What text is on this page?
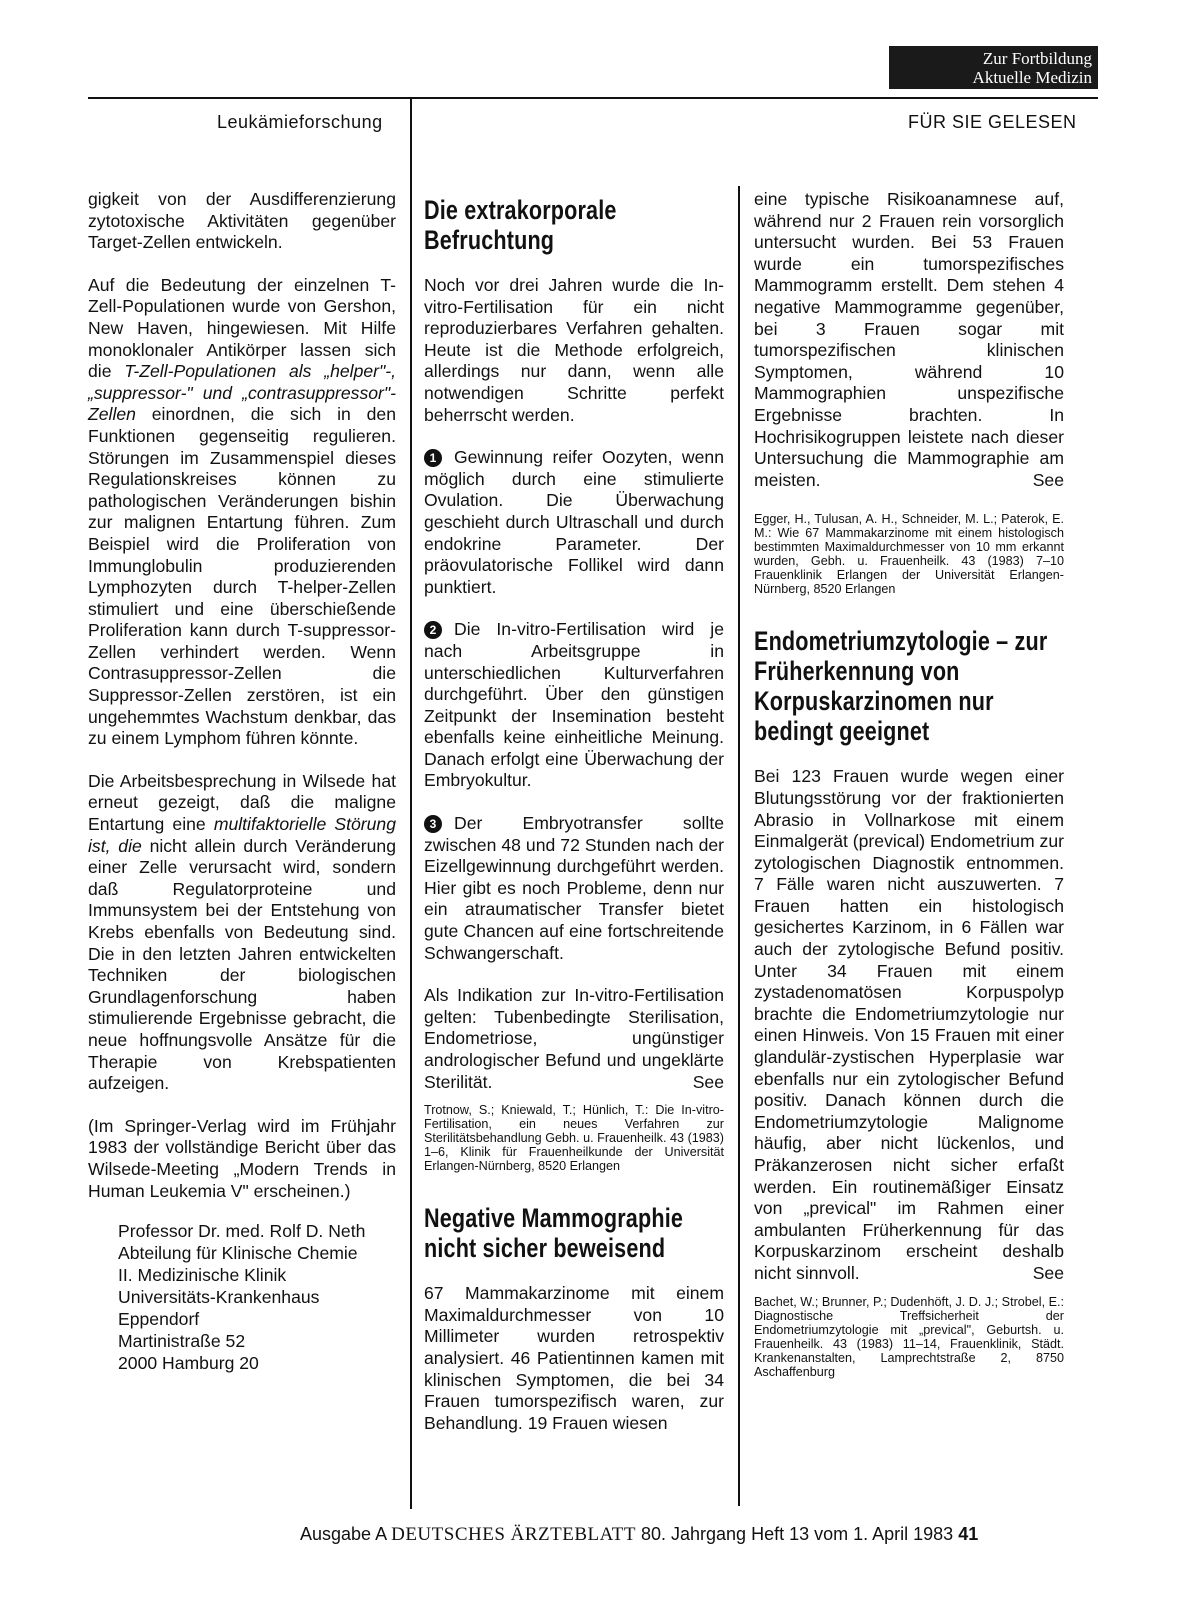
Zur Fortbildung
Aktuelle Medizin
Leukämieforschung	FÜR SIE GELESEN

gigkeit von der Ausdifferenzierung zytotoxische Aktivitäten gegenüber Target-Zellen entwickeln.

Auf die Bedeutung der einzelnen T-Zell-Populationen wurde von Gershon, New Haven, hingewiesen. Mit Hilfe monoklonaler Antikörper lassen sich die T-Zell-Populationen als „helper"-, „suppressor-" und „contrasuppressor"-Zellen einordnen, die sich in den Funktionen gegenseitig regulieren. Störungen im Zusammenspiel dieses Regulationskreises können zu pathologischen Veränderungen bishin zur malignen Entartung führen. Zum Beispiel wird die Proliferation von Immunglobulin produzierenden Lymphozyten durch T-helper-Zellen stimuliert und eine überschießende Proliferation kann durch T-suppressor-Zellen verhindert werden. Wenn Contrasuppressor-Zellen die Suppressor-Zellen zerstören, ist ein ungehemmtes Wachstum denkbar, das zu einem Lymphom führen könnte.

Die Arbeitsbesprechung in Wilsede hat erneut gezeigt, daß die maligne Entartung eine multifaktorielle Störung ist, die nicht allein durch Veränderung einer Zelle verursacht wird, sondern daß Regulatorproteine und Immunsystem bei der Entstehung von Krebs ebenfalls von Bedeutung sind. Die in den letzten Jahren entwickelten Techniken der biologischen Grundlagenforschung haben stimulierende Ergebnisse gebracht, die neue hoffnungsvolle Ansätze für die Therapie von Krebspatienten aufzeigen.

(Im Springer-Verlag wird im Frühjahr 1983 der vollständige Bericht über das Wilsede-Meeting „Modern Trends in Human Leukemia V" erscheinen.)

Professor Dr. med. Rolf D. Neth
Abteilung für Klinische Chemie
II. Medizinische Klinik
Universitäts-Krankenhaus
Eppendorf
Martinistraße 52
2000 Hamburg 20
Die extrakorporale Befruchtung

Noch vor drei Jahren wurde die In-vitro-Fertilisation für ein nicht reproduzierbares Verfahren gehalten. Heute ist die Methode erfolgreich, allerdings nur dann, wenn alle notwendigen Schritte perfekt beherrscht werden.

1 Gewinnung reifer Oozyten, wenn möglich durch eine stimulierte Ovulation. Die Überwachung geschieht durch Ultraschall und durch endokrine Parameter. Der präovulatorische Follikel wird dann punktiert.

2 Die In-vitro-Fertilisation wird je nach Arbeitsgruppe in unterschiedlichen Kulturverfahren durchgeführt. Über den günstigen Zeitpunkt der Insemination besteht ebenfalls keine einheitliche Meinung. Danach erfolgt eine Überwachung der Embryokultur.

3 Der Embryotransfer sollte zwischen 48 und 72 Stunden nach der Eizellgewinnung durchgeführt werden. Hier gibt es noch Probleme, denn nur ein atraumatischer Transfer bietet gute Chancen auf eine fortschreitende Schwangerschaft.

Als Indikation zur In-vitro-Fertilisation gelten: Tubenbedingte Sterilisation, Endometriose, ungünstiger andrologischer Befund und ungeklärte Sterilität.	See

Trotnow, S.; Kniewald, T.; Hünlich, T.: Die In-vitro-Fertilisation, ein neues Verfahren zur Sterilitätsbehandlung Gebh. u. Frauenheilk. 43 (1983) 1–6, Klinik für Frauenheilkunde der Universität Erlangen-Nürnberg, 8520 Erlangen
Negative Mammographie nicht sicher beweisend

67 Mammakarzinome mit einem Maximaldurchmesser von 10 Millimeter wurden retrospektiv analysiert. 46 Patientinnen kamen mit klinischen Symptomen, die bei 34 Frauen tumorspezifisch waren, zur Behandlung. 19 Frauen wiesen

eine typische Risikoanamnese auf, während nur 2 Frauen rein vorsorglich untersucht wurden. Bei 53 Frauen wurde ein tumorspezifisches Mammogramm erstellt. Dem stehen 4 negative Mammogramme gegenüber, bei 3 Frauen sogar mit tumorspezifischen klinischen Symptomen, während 10 Mammographien unspezifische Ergebnisse brachten. In Hochrisikogruppen leistete nach dieser Untersuchung die Mammographie am meisten.	See

Egger, H., Tulusan, A. H., Schneider, M. L.; Paterok, E. M.: Wie 67 Mammakarzinome mit einem histologisch bestimmten Maximaldurchmesser von 10 mm erkannt wurden, Gebh. u. Frauenheilk. 43 (1983) 7–10 Frauenklinik Erlangen der Universität Erlangen-Nürnberg, 8520 Erlangen
Endometriumzytologie – zur Früherkennung von Korpuskarzinomen nur bedingt geeignet

Bei 123 Frauen wurde wegen einer Blutungsstörung vor der fraktionierten Abrasio in Vollnarkose mit einem Einmalgerät (prevical) Endometrium zur zytologischen Diagnostik entnommen. 7 Fälle waren nicht auszuwerten. 7 Frauen hatten ein histologisch gesichertes Karzinom, in 6 Fällen war auch der zytologische Befund positiv. Unter 34 Frauen mit einem zystadenomatösen Korpuspolyp brachte die Endometriumzytologie nur einen Hinweis. Von 15 Frauen mit einer glandulär-zystischen Hyperplasie war ebenfalls nur ein zytologischer Befund positiv. Danach können durch die Endometriumzytologie Malignome häufig, aber nicht lückenlos, und Präkanzerosen nicht sicher erfaßt werden. Ein routinemäßiger Einsatz von „prevical" im Rahmen einer ambulanten Früherkennung für das Korpuskarzinom erscheint deshalb nicht sinnvoll.	See

Bachet, W.; Brunner, P.; Dudenhöft, J. D. J.; Strobel, E.: Diagnostische Treffsicherheit der Endometriumzytologie mit „prevical", Geburtsh. u. Frauenheilk. 43 (1983) 11–14, Frauenklinik, Städt. Krankenanstalten, Lamprechtstraße 2, 8750 Aschaffenburg
Ausgabe A DEUTSCHES ÄRZTEBLATT 80. Jahrgang Heft 13 vom 1. April 1983 41
